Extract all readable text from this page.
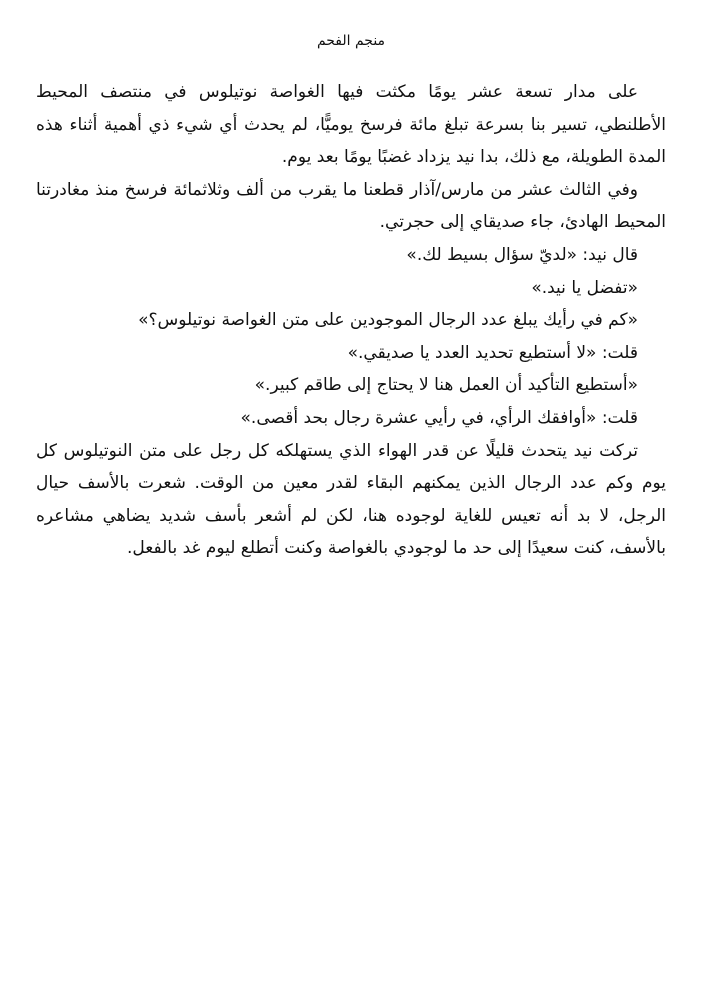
منجم الفحم

على مدار تسعة عشر يومًا مكثت فيها الغواصة نوتيلوس في منتصف المحيط الأطلنطي، تسير بنا بسرعة تبلغ مائة فرسخ يوميًّا، لم يحدث أي شيء ذي أهمية أثناء هذه المدة الطويلة، مع ذلك، بدا نيد يزداد غضبًا يومًا بعد يوم.

وفي الثالث عشر من مارس/آذار قطعنا ما يقرب من ألف وثلاثمائة فرسخ منذ مغادرتنا المحيط الهادئ، جاء صديقاي إلى حجرتي.

قال نيد: «لديّ سؤال بسيط لك.»

«تفضل يا نيد.»

«كم في رأيك يبلغ عدد الرجال الموجودين على متن الغواصة نوتيلوس؟»

قلت: «لا أستطيع تحديد العدد يا صديقي.»

«أستطيع التأكيد أن العمل هنا لا يحتاج إلى طاقم كبير.»

قلت: «أوافقك الرأي، في رأيي عشرة رجال بحد أقصى.»

تركت نيد يتحدث قليلًا عن قدر الهواء الذي يستهلكه كل رجل على متن النوتيلوس كل يوم وكم عدد الرجال الذين يمكنهم البقاء لقدر معين من الوقت. شعرت بالأسف حيال الرجل، لا بد أنه تعيس للغاية لوجوده هنا، لكن لم أشعر بأسف شديد يضاهي مشاعره بالأسف، كنت سعيدًا إلى حد ما لوجودي بالغواصة وكنت أتطلع ليوم غد بالفعل.
